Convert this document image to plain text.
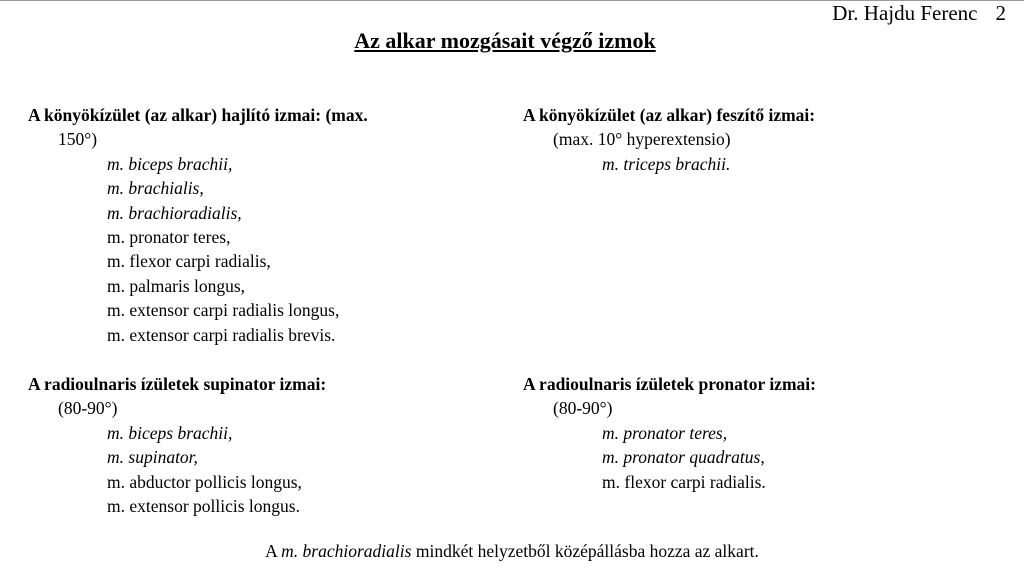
Dr. Hajdu Ferenc 2
Az alkar mozgásait végző izmok
A könyökízület (az alkar) hajlító izmai: (max.
150°)
m. biceps brachii,
m. brachialis,
m. brachioradialis,
m. pronator teres,
m. flexor carpi radialis,
m. palmaris longus,
m. extensor carpi radialis longus,
m. extensor carpi radialis brevis.
A könyökízület (az alkar) feszítő izmai:
(max. 10° hyperextensio)
m. triceps brachii.
A radioulnaris ízületek supinator izmai:
(80-90°)
m. biceps brachii,
m. supinator,
m. abductor pollicis longus,
m. extensor pollicis longus.
A radioulnaris ízületek pronator izmai:
(80-90°)
m. pronator teres,
m. pronator quadratus,
m. flexor carpi radialis.
A m. brachioradialis mindkét helyzetből középállásba hozza az alkart.
